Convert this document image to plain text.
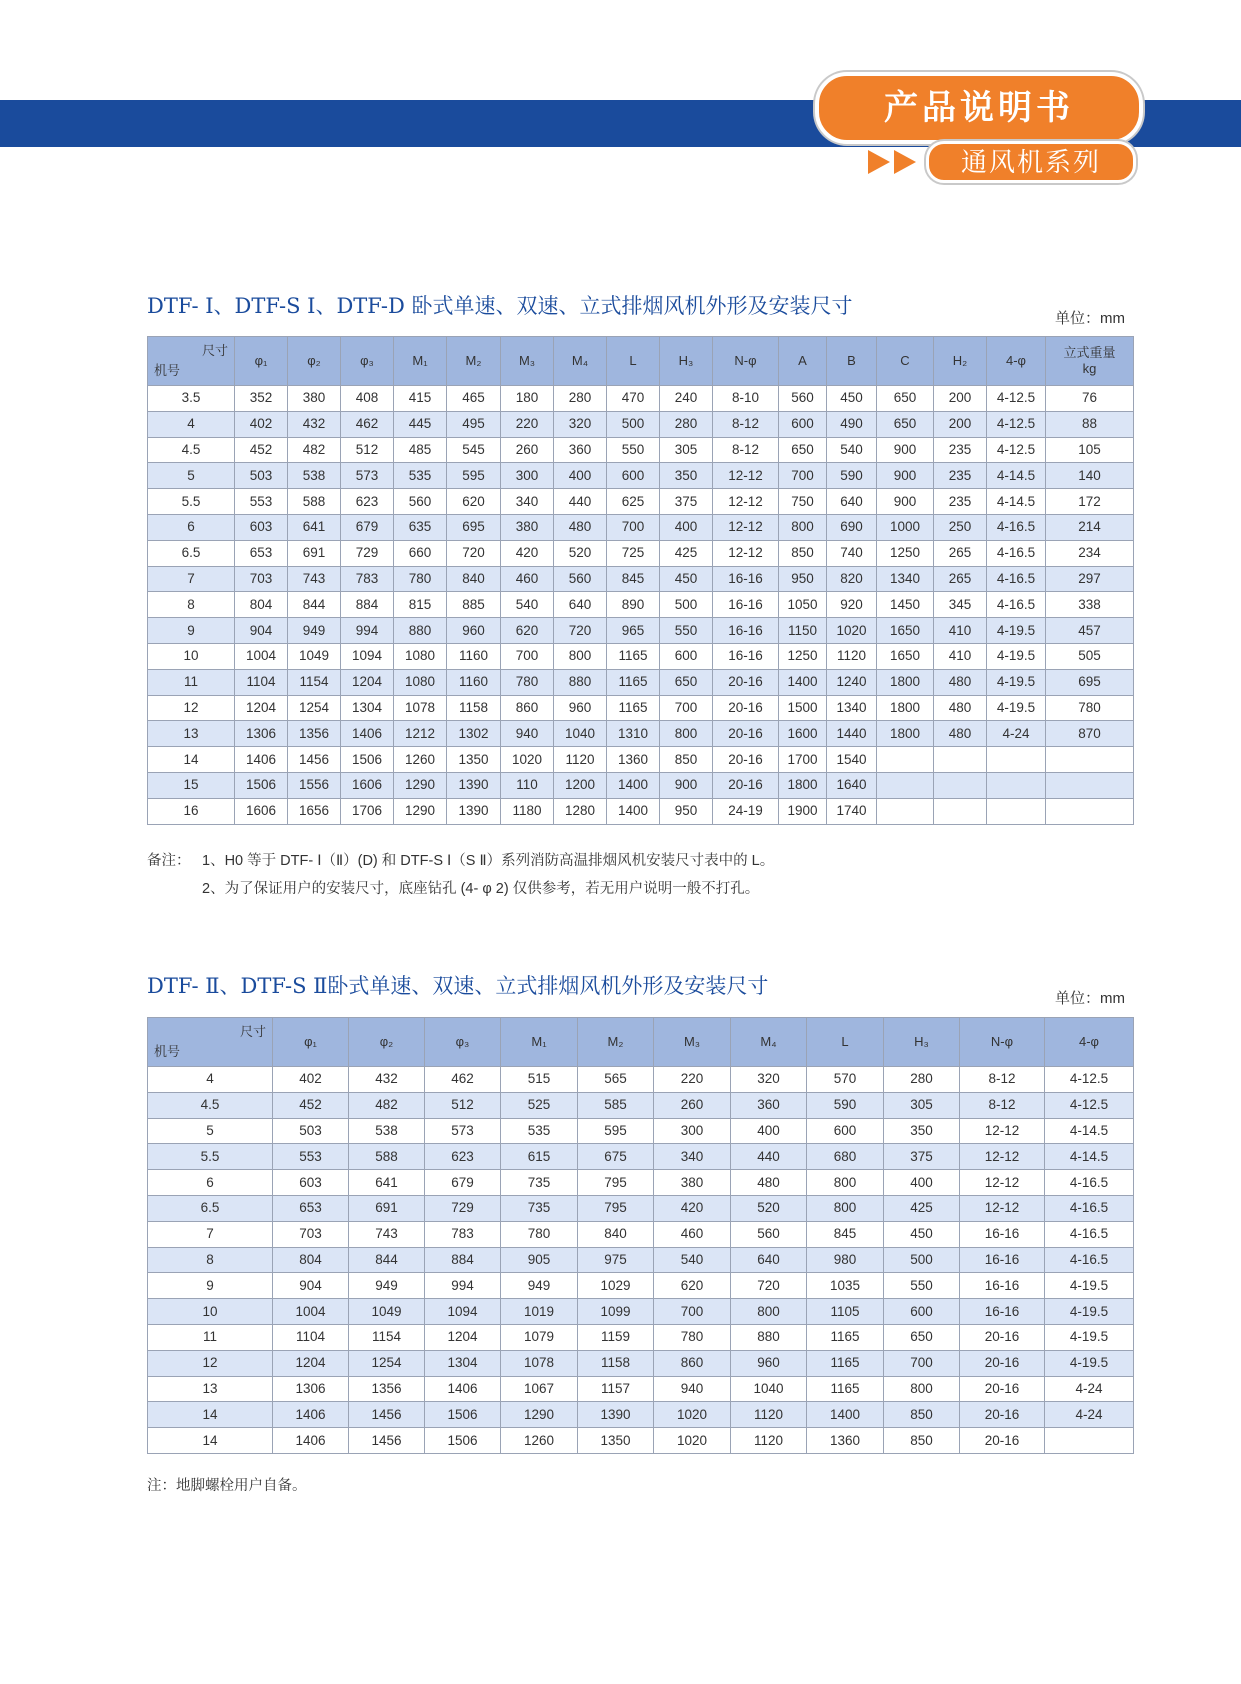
产品说明书
通风机系列
DTF- Ⅰ、DTF-S Ⅰ、DTF-D 卧式单速、双速、立式排烟风机外形及安装尺寸
单位：mm
尺寸
机号	φ₁	φ₂	φ₃	M₁	M₂	M₃	M₄	L	H₃	N-φ	A	B	C	H₂	4-φ	立式重量
kg
3.5	352	380	408	415	465	180	280	470	240	8-10	560	450	650	200	4-12.5	76
4	402	432	462	445	495	220	320	500	280	8-12	600	490	650	200	4-12.5	88
4.5	452	482	512	485	545	260	360	550	305	8-12	650	540	900	235	4-12.5	105
5	503	538	573	535	595	300	400	600	350	12-12	700	590	900	235	4-14.5	140
5.5	553	588	623	560	620	340	440	625	375	12-12	750	640	900	235	4-14.5	172
6	603	641	679	635	695	380	480	700	400	12-12	800	690	1000	250	4-16.5	214
6.5	653	691	729	660	720	420	520	725	425	12-12	850	740	1250	265	4-16.5	234
7	703	743	783	780	840	460	560	845	450	16-16	950	820	1340	265	4-16.5	297
8	804	844	884	815	885	540	640	890	500	16-16	1050	920	1450	345	4-16.5	338
9	904	949	994	880	960	620	720	965	550	16-16	1150	1020	1650	410	4-19.5	457
10	1004	1049	1094	1080	1160	700	800	1165	600	16-16	1250	1120	1650	410	4-19.5	505
11	1104	1154	1204	1080	1160	780	880	1165	650	20-16	1400	1240	1800	480	4-19.5	695
12	1204	1254	1304	1078	1158	860	960	1165	700	20-16	1500	1340	1800	480	4-19.5	780
13	1306	1356	1406	1212	1302	940	1040	1310	800	20-16	1600	1440	1800	480	4-24	870
14	1406	1456	1506	1260	1350	1020	1120	1360	850	20-16	1700	1540				
15	1506	1556	1606	1290	1390	110	1200	1400	900	20-16	1800	1640				
16	1606	1656	1706	1290	1390	1180	1280	1400	950	24-19	1900	1740				
备注： 1、H0 等于 DTF- Ⅰ（Ⅱ）(D) 和 DTF-S Ⅰ（S Ⅱ）系列消防高温排烟风机安装尺寸表中的 L。
2、为了保证用户的安装尺寸，底座钻孔 (4- φ 2) 仅供参考，若无用户说明一般不打孔。
DTF- Ⅱ、DTF-S Ⅱ卧式单速、双速、立式排烟风机外形及安装尺寸
单位：mm
尺寸
机号	φ₁	φ₂	φ₃	M₁	M₂	M₃	M₄	L	H₃	N-φ	4-φ
4	402	432	462	515	565	220	320	570	280	8-12	4-12.5
4.5	452	482	512	525	585	260	360	590	305	8-12	4-12.5
5	503	538	573	535	595	300	400	600	350	12-12	4-14.5
5.5	553	588	623	615	675	340	440	680	375	12-12	4-14.5
6	603	641	679	735	795	380	480	800	400	12-12	4-16.5
6.5	653	691	729	735	795	420	520	800	425	12-12	4-16.5
7	703	743	783	780	840	460	560	845	450	16-16	4-16.5
8	804	844	884	905	975	540	640	980	500	16-16	4-16.5
9	904	949	994	949	1029	620	720	1035	550	16-16	4-19.5
10	1004	1049	1094	1019	1099	700	800	1105	600	16-16	4-19.5
11	1104	1154	1204	1079	1159	780	880	1165	650	20-16	4-19.5
12	1204	1254	1304	1078	1158	860	960	1165	700	20-16	4-19.5
13	1306	1356	1406	1067	1157	940	1040	1165	800	20-16	4-24
14	1406	1456	1506	1290	1390	1020	1120	1400	850	20-16	4-24
14	1406	1456	1506	1260	1350	1020	1120	1360	850	20-16	
注：地脚螺栓用户自备。
